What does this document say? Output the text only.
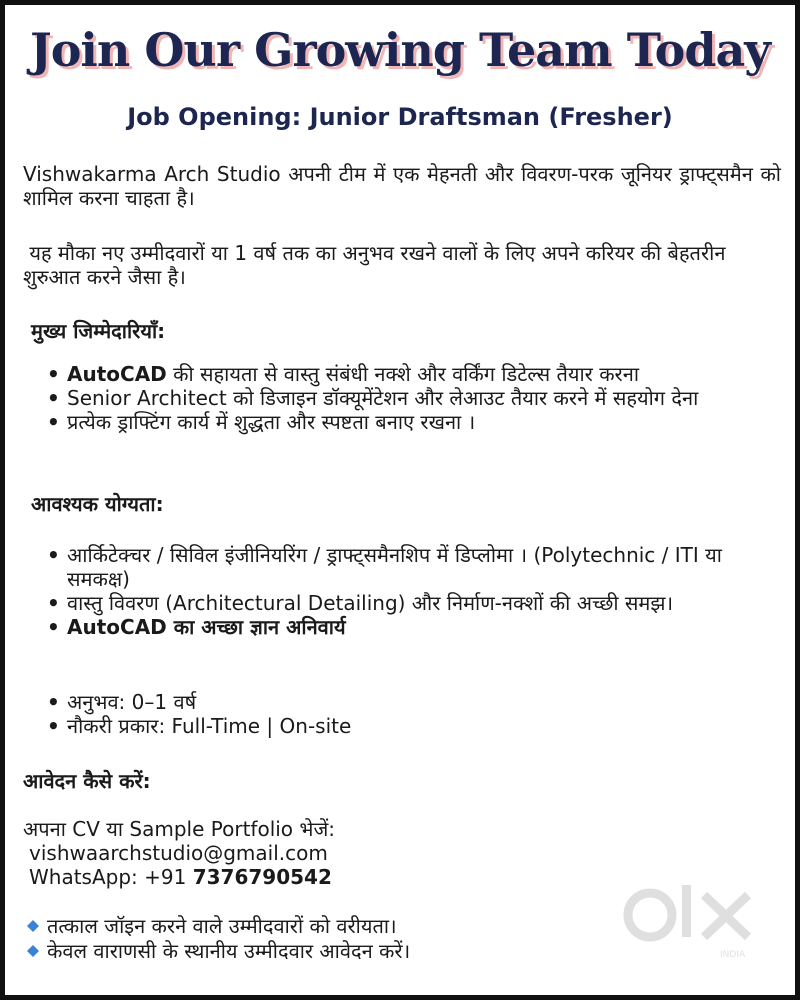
Join Our Growing Team Today
Job Opening: Junior Draftsman (Fresher)
Vishwakarma Arch Studio अपनी टीम में एक मेहनती और विवरण-परक जूनियर ड्राफ्ट्समैन को शामिल करना चाहता है।
यह मौका नए उम्मीदवारों या 1 वर्ष तक का अनुभव रखने वालों के लिए अपने करियर की बेहतरीन शुरुआत करने जैसा है।
मुख्य जिम्मेदारियाँ:
• AutoCAD की सहायता से वास्तु संबंधी नक्शे और वर्किंग डिटेल्स तैयार करना
• Senior Architect को डिजाइन डॉक्यूमेंटेशन और लेआउट तैयार करने में सहयोग देना
• प्रत्येक ड्राफ्टिंग कार्य में शुद्धता और स्पष्टता बनाए रखना ।
आवश्यक योग्यता:
• आर्किटेक्चर / सिविल इंजीनियरिंग / ड्राफ्ट्समैनशिप में डिप्लोमा । (Polytechnic / ITI या समकक्ष)
• वास्तु विवरण (Architectural Detailing) और निर्माण-नक्शों की अच्छी समझ।
• AutoCAD का अच्छा ज्ञान अनिवार्य
• अनुभव: 0–1 वर्ष
• नौकरी प्रकार: Full-Time | On-site
आवेदन कैसे करें:
अपना CV या Sample Portfolio भेजें:
vishwaarchstudio@gmail.com
WhatsApp: +91 7376790542
तत्काल जॉइन करने वाले उम्मीदवारों को वरीयता।
केवल वाराणसी के स्थानीय उम्मीदवार आवेदन करें।	INDIA
